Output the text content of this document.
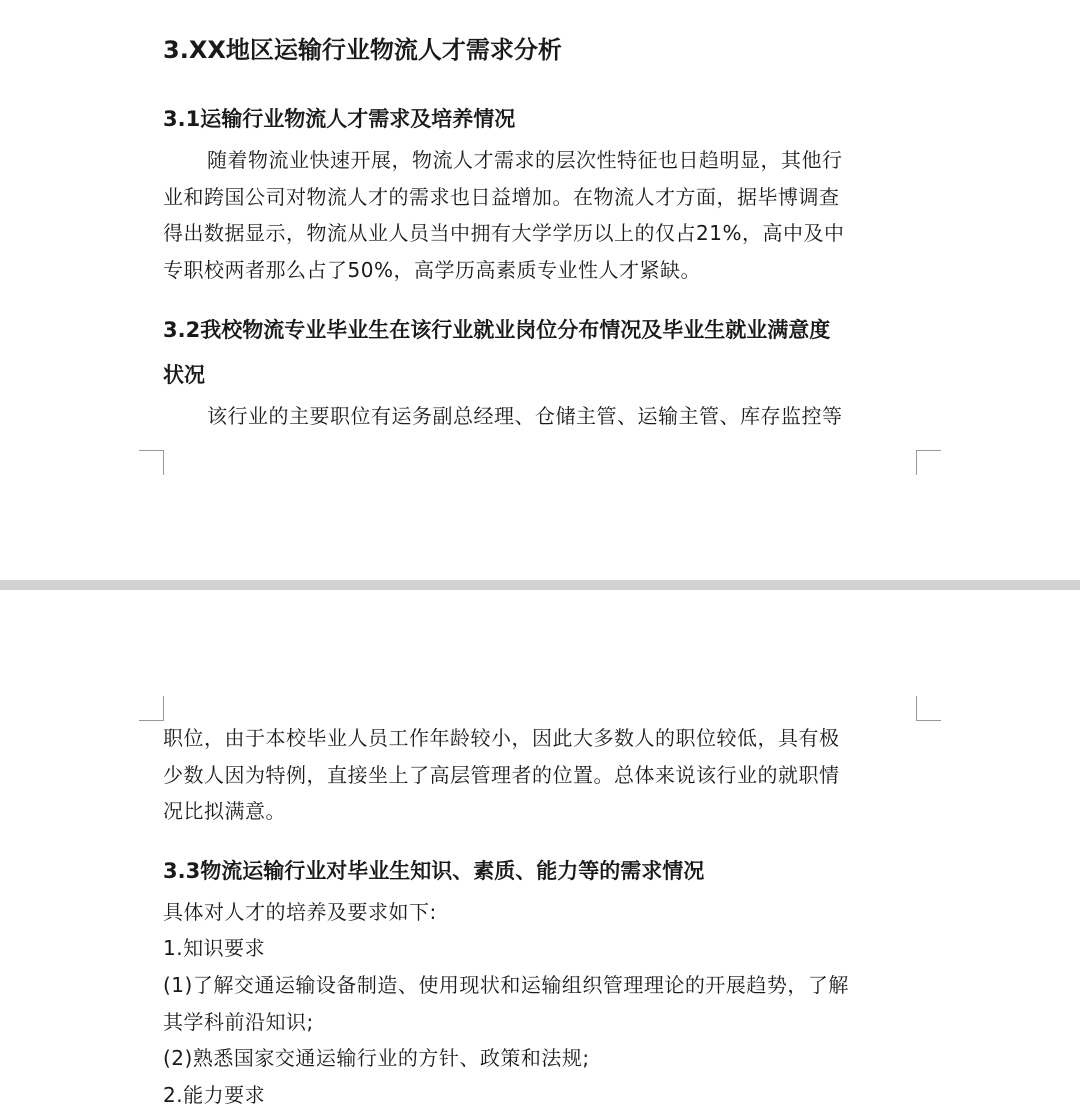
3.XX地区运输行业物流人才需求分析
3.1运输行业物流人才需求及培养情况
随着物流业快速开展，物流人才需求的层次性特征也日趋明显，其他行
业和跨国公司对物流人才的需求也日益增加。在物流人才方面，据毕博调查
得出数据显示，物流从业人员当中拥有大学学历以上的仅占21%，高中及中
专职校两者那么占了50%，高学历高素质专业性人才紧缺。
3.2我校物流专业毕业生在该行业就业岗位分布情况及毕业生就业满意度
状况
该行业的主要职位有运务副总经理、仓储主管、运输主管、库存监控等
职位，由于本校毕业人员工作年龄较小，因此大多数人的职位较低，具有极
少数人因为特例，直接坐上了高层管理者的位置。总体来说该行业的就职情
况比拟满意。
3.3物流运输行业对毕业生知识、素质、能力等的需求情况
具体对人才的培养及要求如下:
1.知识要求
(1)了解交通运输设备制造、使用现状和运输组织管理理论的开展趋势，了解
其学科前沿知识;
(2)熟悉国家交通运输行业的方针、政策和法规;
2.能力要求
